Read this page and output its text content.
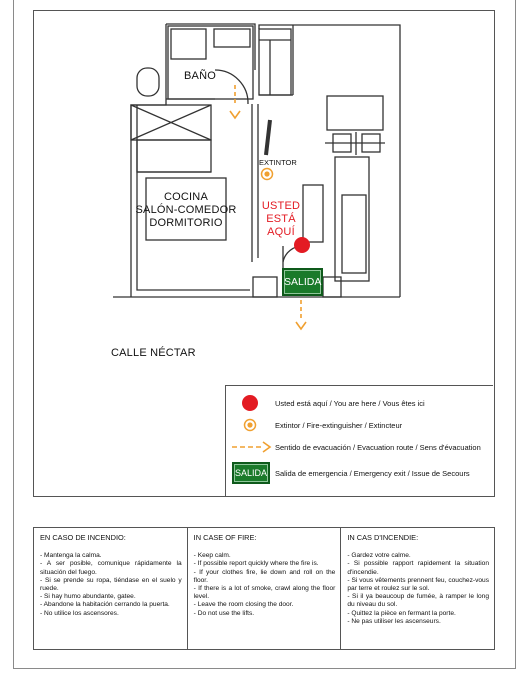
BAÑO
COCINA
SALÓN-COMEDOR
DORMITORIO
EXTINTOR
USTED
ESTÁ
AQUÍ
SALIDA
CALLE NÉCTAR
Usted está aquí / You are here / Vous êtes ici
Extintor / Fire-extinguisher / Extincteur
Sentido de evacuación / Evacuation route / Sens d'évacuation
SALIDA	Salida de emergencia / Emergency exit / Issue de Secours
EN CASO DE INCENDIO:
- Mantenga la calma.
- A ser posible, comunique rápidamente la situación del fuego.
- Si se prende su ropa, tiéndase en el suelo y ruede.
- Si hay humo abundante, gatee.
- Abandone la habitación cerrando la puerta.
- No utilice los ascensores.
IN CASE OF FIRE:
- Keep calm.
- If possible report quickly where the fire is.
- If your clothes fire, lie down and roll on the floor.
- If there is a lot of smoke, crawl along the floor level.
- Leave the room closing the door.
- Do not use the lifts.
IN CAS D'INCENDIE:
- Gardez votre calme.
- Si possible rapport rapidement la situation d'incendie.
- Si vous vêtements prennent feu, couchez-vous par terre et roulez sur le sol.
- Si il ya beaucoup de fumée, à ramper le long du niveau du sol.
- Quittez la pièce en fermant la porte.
- Ne pas utiliser les ascenseurs.
